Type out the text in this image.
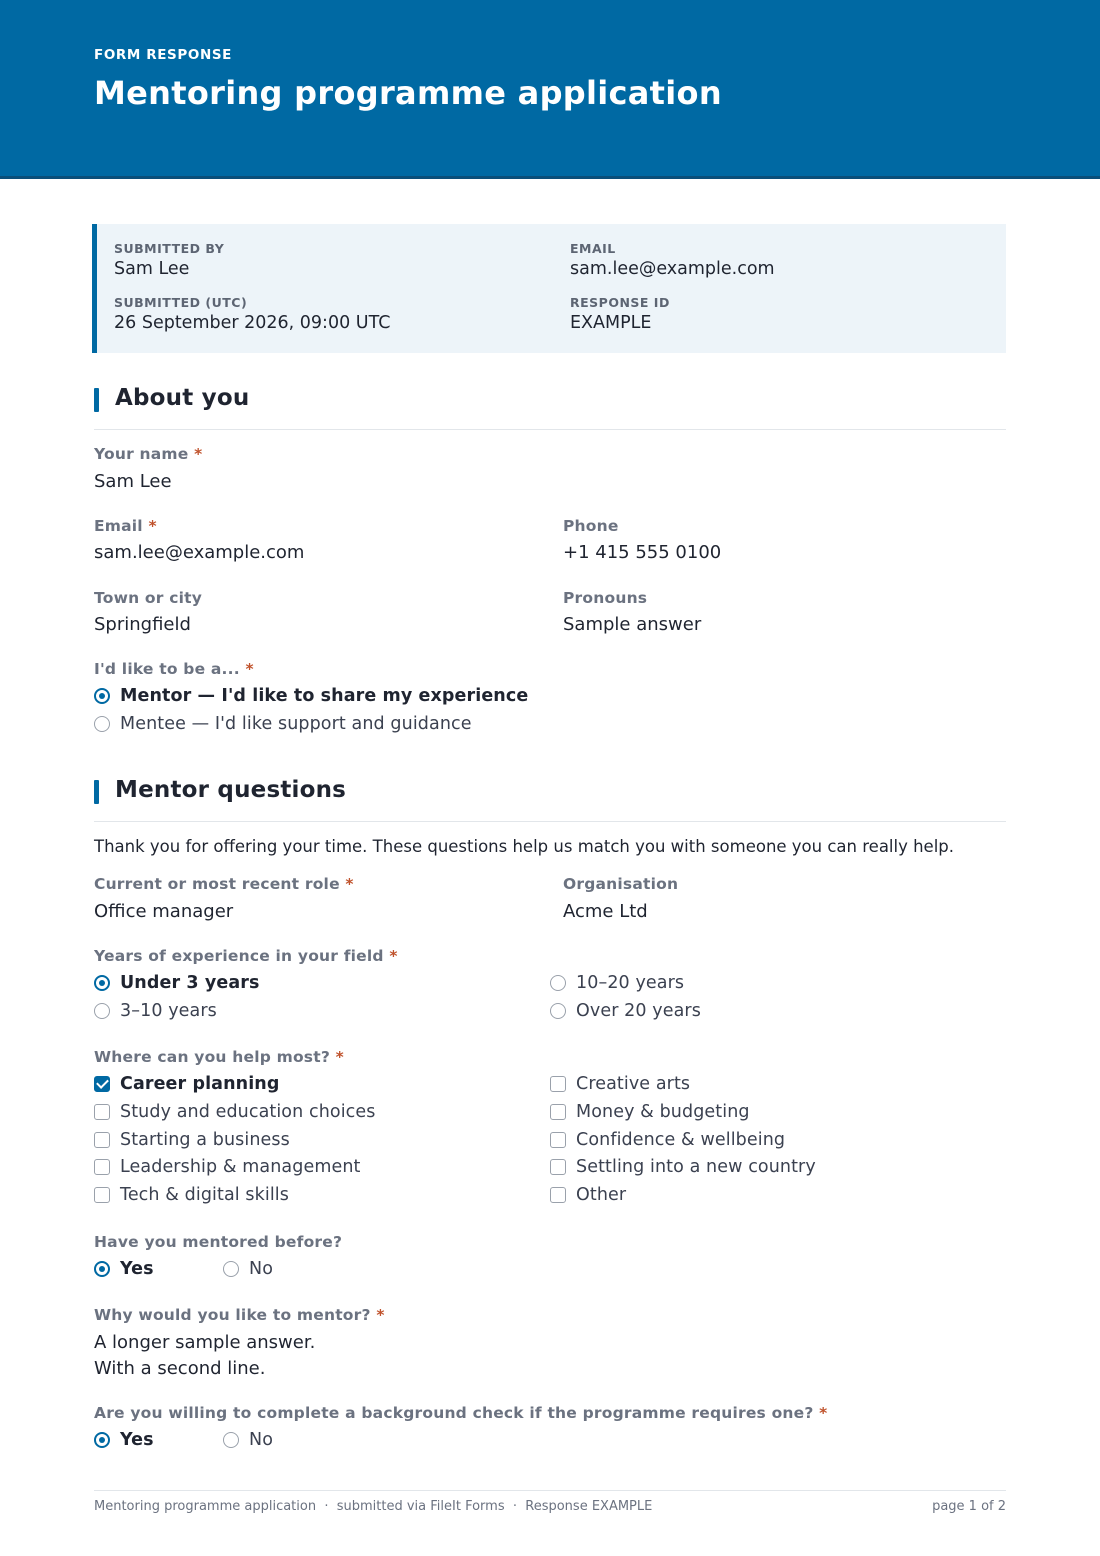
FORM RESPONSE
Mentoring programme application
SUBMITTED BY
Sam Lee
EMAIL
sam.lee@example.com
SUBMITTED (UTC)
26 September 2026, 09:00 UTC
RESPONSE ID
EXAMPLE
About you
Your name *
Sam Lee
Email *
sam.lee@example.com
Phone
+1 415 555 0100
Town or city
Springfield
Pronouns
Sample answer
I'd like to be a... *
Mentor — I'd like to share my experience
Mentee — I'd like support and guidance
Mentor questions
Thank you for offering your time. These questions help us match you with someone you can really help.
Current or most recent role *
Office manager
Organisation
Acme Ltd
Years of experience in your field *
Under 3 years
3–10 years
10–20 years
Over 20 years
Where can you help most? *
Career planning
Study and education choices
Starting a business
Leadership & management
Tech & digital skills
Creative arts
Money & budgeting
Confidence & wellbeing
Settling into a new country
Other
Have you mentored before?
Yes	No
Why would you like to mentor? *
A longer sample answer.
With a second line.
Are you willing to complete a background check if the programme requires one? *
Yes	No
Mentoring programme application  ·  submitted via FileIt Forms  ·  Response EXAMPLE	page 1 of 2
